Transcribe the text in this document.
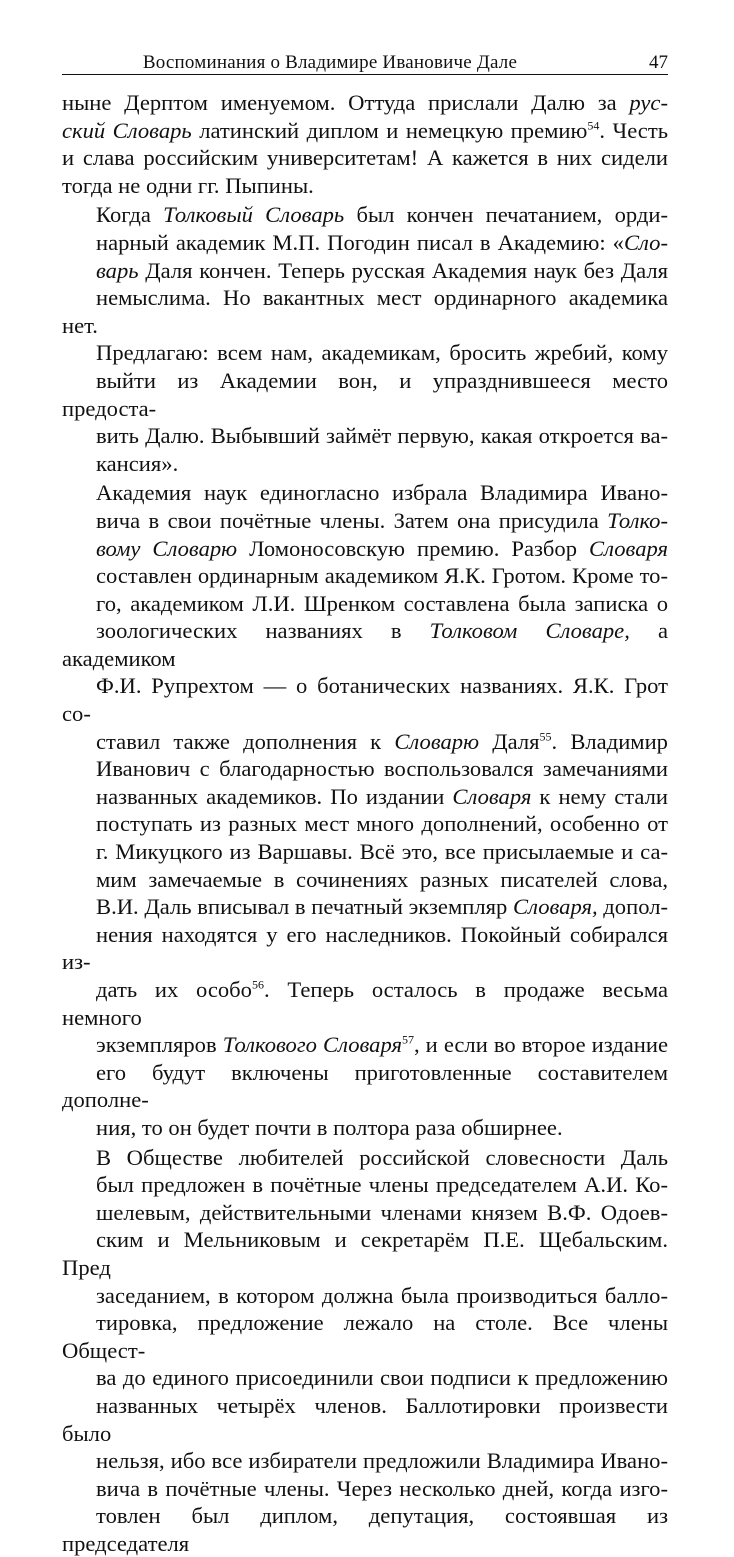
Воспоминания о Владимире Ивановиче Дале	47

ныне Дерптом именуемом. Оттуда прислали Далю за рус-
ский Словарь латинский диплом и немецкую премию$^{54}$. Честь
и слава российским университетам! А кажется в них сидели
тогда не одни гг. Пыпины.

Когда Толковый Словарь был кончен печатанием, орди-
нарный академик М.П. Погодин писал в Академию: «Сло-
варь Даля кончен. Теперь русская Академия наук без Даля
немыслима. Но вакантных мест ординарного академика нет.
Предлагаю: всем нам, академикам, бросить жребий, кому
выйти из Академии вон, и упразднившееся место предоста-
вить Далю. Выбывший займёт первую, какая откроется ва-
кансия».

Академия наук единогласно избрала Владимира Ивано-
вича в свои почётные члены. Затем она присудила Толко-
вому Словарю Ломоносовскую премию. Разбор Словаря
составлен ординарным академиком Я.К. Гротом. Кроме то-
го, академиком Л.И. Шренком составлена была записка о
зоологических названиях в Толковом Словаре, а академиком
Ф.И. Рупрехтом — о ботанических названиях. Я.К. Грот со-
ставил также дополнения к Словарю Даля$^{55}$. Владимир
Иванович с благодарностью воспользовался замечаниями
названных академиков. По издании Словаря к нему стали
поступать из разных мест много дополнений, особенно от
г. Микуцкого из Варшавы. Всё это, все присылаемые и са-
мим замечаемые в сочинениях разных писателей слова,
В.И. Даль вписывал в печатный экземпляр Словаря, допол-
нения находятся у его наследников. Покойный собирался из-
дать их особо$^{56}$. Теперь осталось в продаже весьма немного
экземпляров Толкового Словаря$^{57}$, и если во второе издание
его будут включены приготовленные составителем дополне-
ния, то он будет почти в полтора раза обширнее.

В Обществе любителей российской словесности Даль
был предложен в почётные члены председателем А.И. Ко-
шелевым, действительными членами князем В.Ф. Одоев-
ским и Мельниковым и секретарём П.Е. Щебальским. Пред
заседанием, в котором должна была производиться балло-
тировка, предложение лежало на столе. Все члены Общест-
ва до единого присоединили свои подписи к предложению
названных четырёх членов. Баллотировки произвести было
нельзя, ибо все избиратели предложили Владимира Ивано-
вича в почётные члены. Через несколько дней, когда изго-
товлен был диплом, депутация, состоявшая из председателя
